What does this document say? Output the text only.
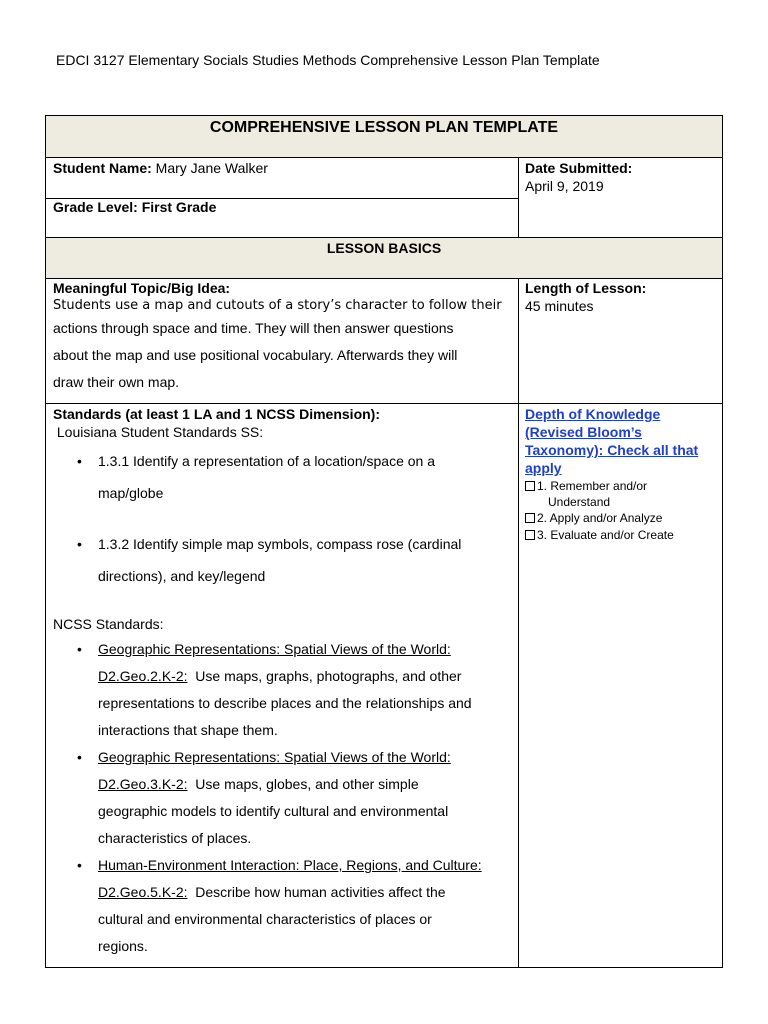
EDCI 3127 Elementary Socials Studies Methods Comprehensive Lesson Plan Template
COMPREHENSIVE LESSON PLAN TEMPLATE
Student Name: Mary Jane Walker	Date Submitted:
April 9, 2019
Grade Level: First Grade
LESSON BASICS
Meaningful Topic/Big Idea:
Students use a map and cutouts of a story’s character to follow their
actions through space and time. They will then answer questions
about the map and use positional vocabulary. Afterwards they will
draw their own map.
Length of Lesson:
45 minutes
Standards (at least 1 LA and 1 NCSS Dimension):
Louisiana Student Standards SS:
• 1.3.1 Identify a representation of a location/space on a
map/globe
• 1.3.2 Identify simple map symbols, compass rose (cardinal
directions), and key/legend
NCSS Standards:
• Geographic Representations: Spatial Views of the World:
D2.Geo.2.K-2:  Use maps, graphs, photographs, and other
representations to describe places and the relationships and
interactions that shape them.
• Geographic Representations: Spatial Views of the World:
D2.Geo.3.K-2:  Use maps, globes, and other simple
geographic models to identify cultural and environmental
characteristics of places.
• Human-Environment Interaction: Place, Regions, and Culture:
D2.Geo.5.K-2:  Describe how human activities affect the
cultural and environmental characteristics of places or
regions.
Depth of Knowledge
(Revised Bloom’s
Taxonomy): Check all that
apply
1. Remember and/or
Understand
2. Apply and/or Analyze
3. Evaluate and/or Create
